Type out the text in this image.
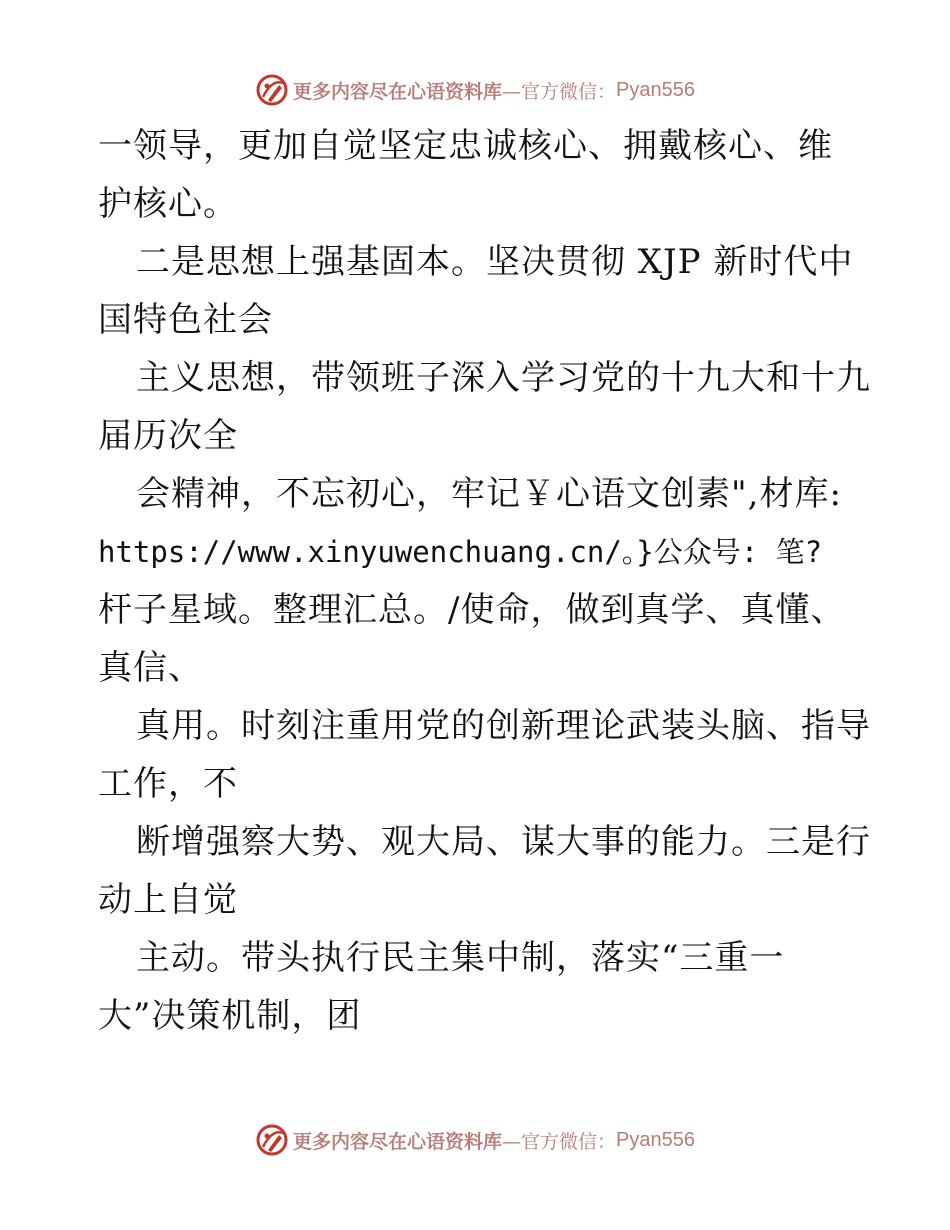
更多内容尽在心语资料库 —官方微信： Pyan556
一领导，更加自觉坚定忠诚核心、拥戴核心、维
护核心。
二是思想上强基固本。坚决贯彻 XJP 新时代中
国特色社会
主义思想，带领班子深入学习党的十九大和十九
届历次全
会精神，不忘初心，牢记￥心语文创素",材库:
https://www.xinyuwenchuang.cn/。}公众号: 笔?
杆子星域。整理汇总。/使命，做到真学、真懂、
真信、
真用。时刻注重用党的创新理论武装头脑、指导
工作，不
断增强察大势、观大局、谋大事的能力。三是行
动上自觉
主动。带头执行民主集中制，落实“三重一
大”决策机制，团
更多内容尽在心语资料库 —官方微信： Pyan556
